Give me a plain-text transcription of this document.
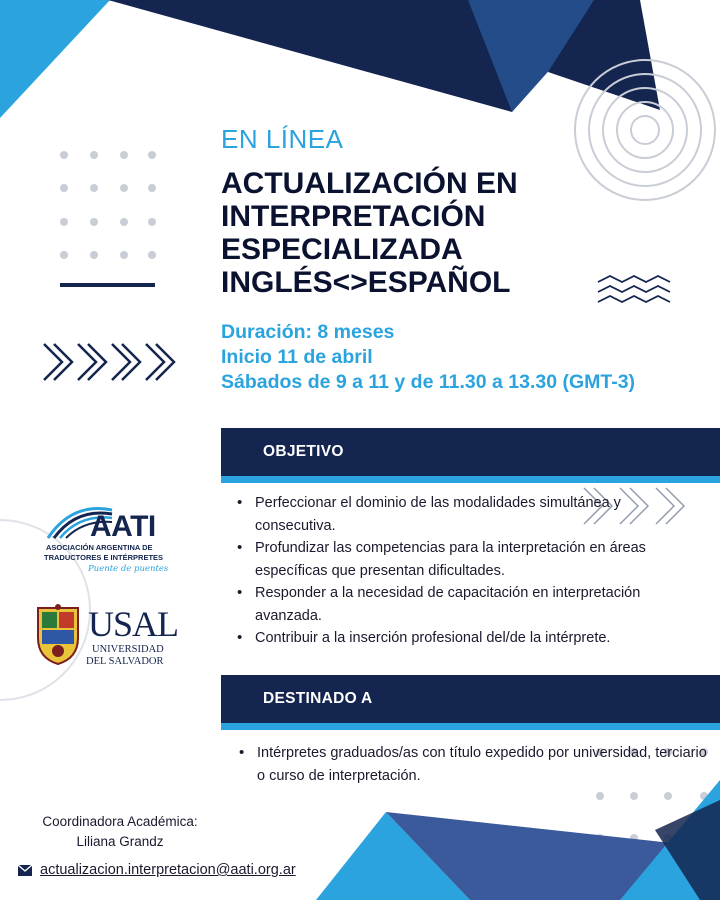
EN LÍNEA
ACTUALIZACIÓN EN
INTERPRETACIÓN
ESPECIALIZADA
INGLÉS<>ESPAÑOL
Duración: 8 meses
Inicio 11 de abril
Sábados de 9 a 11 y de 11.30 a 13.30 (GMT-3)
OBJETIVO
• Perfeccionar el dominio de las modalidades simultánea y consecutiva.
• Profundizar las competencias para la interpretación en áreas específicas que presentan dificultades.
• Responder a la necesidad de capacitación en interpretación avanzada.
• Contribuir a la inserción profesional del/de la intérprete.
DESTINADO A
• Intérpretes graduados/as con título expedido por universidad, terciario o curso de interpretación.
AATI
ASOCIACIÓN ARGENTINA DE
TRADUCTORES E INTÉRPRETES
Puente de puentes
USAL
UNIVERSIDAD
DEL SALVADOR
Coordinadora Académica:
Liliana Grandz
actualizacion.interpretacion@aati.org.ar
